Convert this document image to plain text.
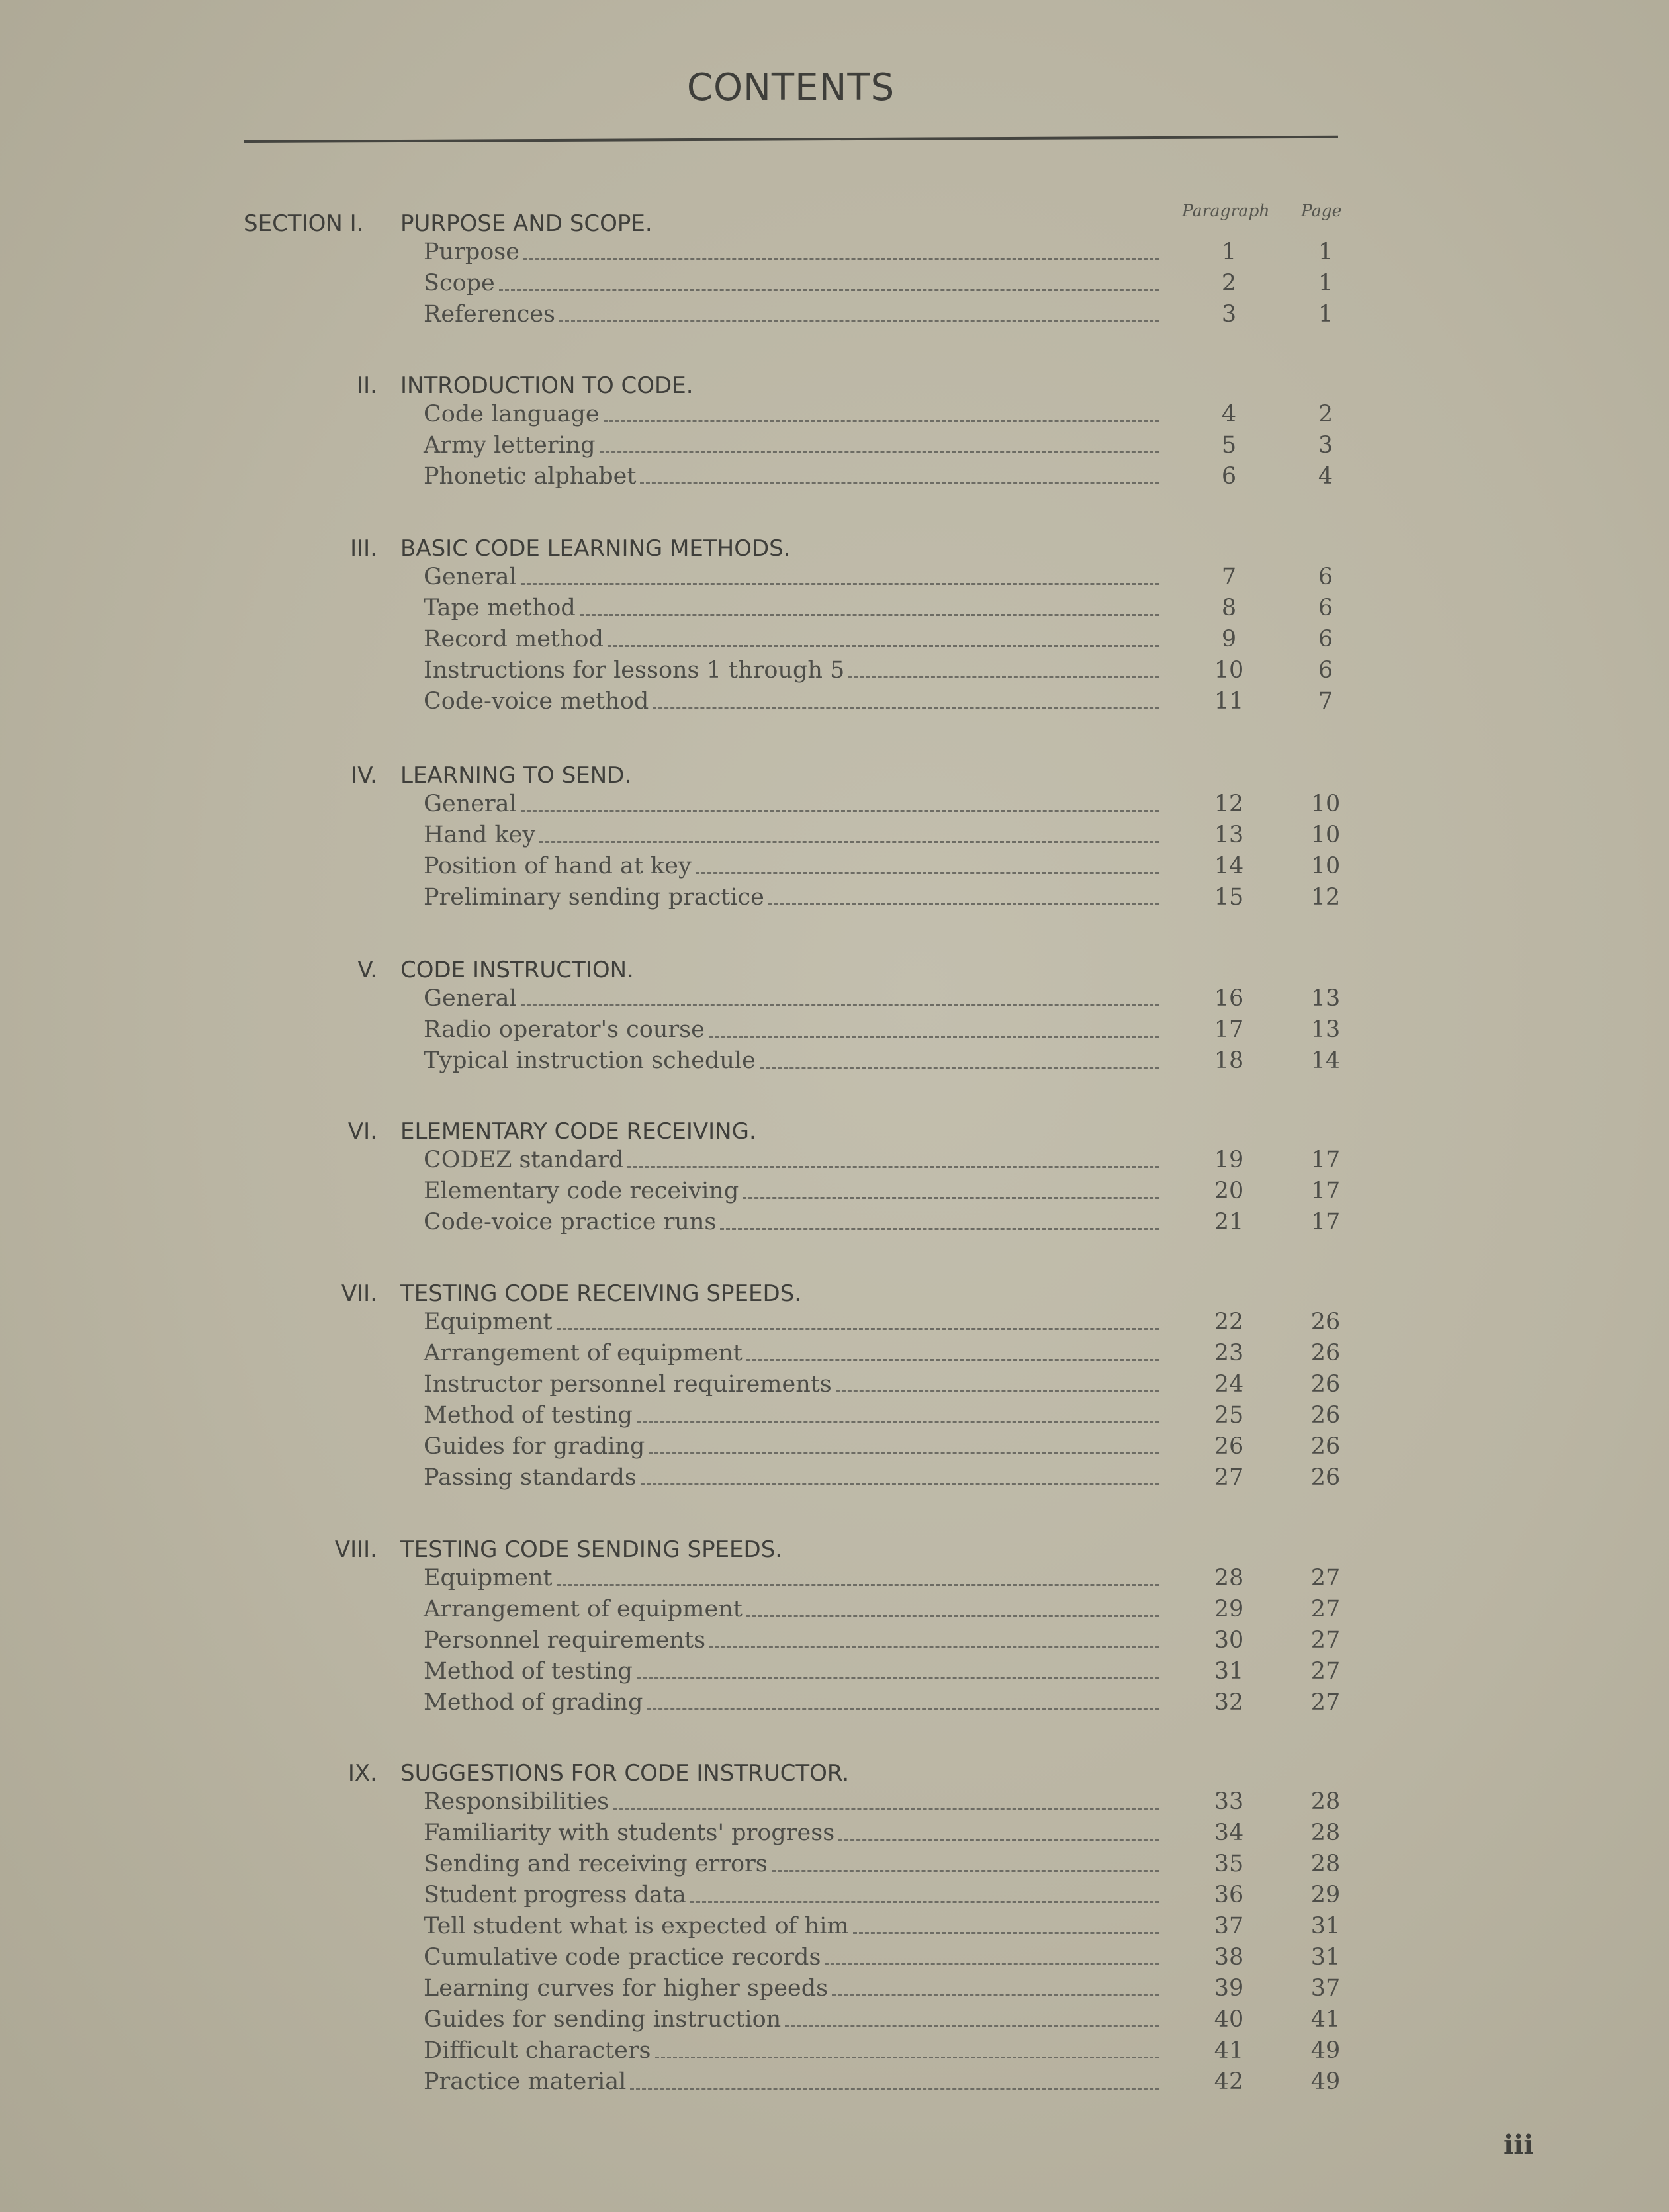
CONTENTS
Paragraph Page
SECTION I. PURPOSE AND SCOPE.
Purpose	1	1
Scope	2	1
References	3	1
II. INTRODUCTION TO CODE.
Code language	4	2
Army lettering	5	3
Phonetic alphabet	6	4
III. BASIC CODE LEARNING METHODS.
General	7	6
Tape method	8	6
Record method	9	6
Instructions for lessons 1 through 5	10	6
Code-voice method	11	7
IV. LEARNING TO SEND.
General	12	10
Hand key	13	10
Position of hand at key	14	10
Preliminary sending practice	15	12
V. CODE INSTRUCTION.
General	16	13
Radio operator's course	17	13
Typical instruction schedule	18	14
VI. ELEMENTARY CODE RECEIVING.
CODEZ standard	19	17
Elementary code receiving	20	17
Code-voice practice runs	21	17
VII. TESTING CODE RECEIVING SPEEDS.
Equipment	22	26
Arrangement of equipment	23	26
Instructor personnel requirements	24	26
Method of testing	25	26
Guides for grading	26	26
Passing standards	27	26
VIII. TESTING CODE SENDING SPEEDS.
Equipment	28	27
Arrangement of equipment	29	27
Personnel requirements	30	27
Method of testing	31	27
Method of grading	32	27
IX. SUGGESTIONS FOR CODE INSTRUCTOR.
Responsibilities	33	28
Familiarity with students' progress	34	28
Sending and receiving errors	35	28
Student progress data	36	29
Tell student what is expected of him	37	31
Cumulative code practice records	38	31
Learning curves for higher speeds	39	37
Guides for sending instruction	40	41
Difficult characters	41	49
Practice material	42	49
iii
